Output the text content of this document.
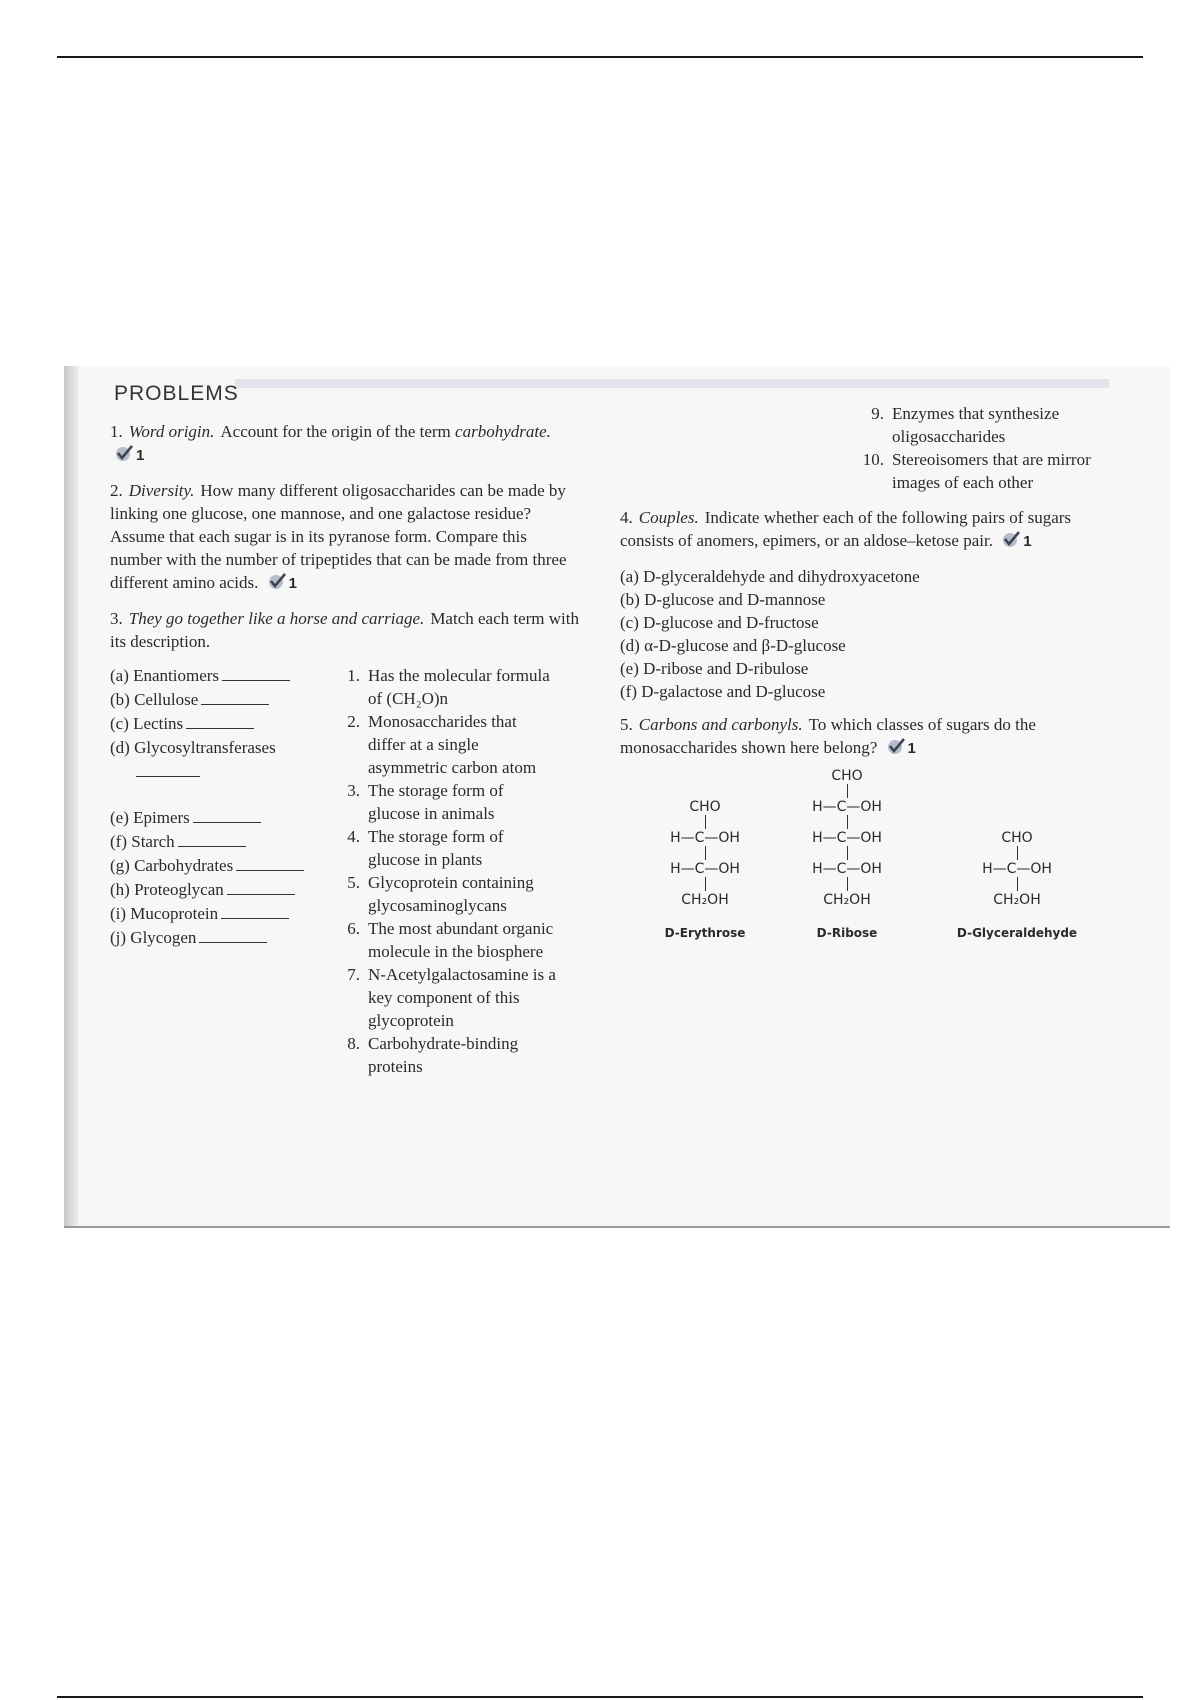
PROBLEMS
1. Word origin. Account for the origin of the term carbohydrate. 1
2. Diversity. How many different oligosaccharides can be made by linking one glucose, one mannose, and one galactose residue? Assume that each sugar is in its pyranose form. Compare this number with the number of tripeptides that can be made from three different amino acids. 1
3. They go together like a horse and carriage. Match each term with its description.
(a) Enantiomers
(b) Cellulose
(c) Lectins
(d) Glycosyltransferases
(e) Epimers
(f) Starch
(g) Carbohydrates
(h) Proteoglycan
(i) Mucoprotein
(j) Glycogen
1. Has the molecular formula of (CH₂O)n
2. Monosaccharides that differ at a single asymmetric carbon atom
3. The storage form of glucose in animals
4. The storage form of glucose in plants
5. Glycoprotein containing glycosaminoglycans
6. The most abundant organic molecule in the biosphere
7. N-Acetylgalactosamine is a key component of this glycoprotein
8. Carbohydrate-binding proteins
9. Enzymes that synthesize oligosaccharides
10. Stereoisomers that are mirror images of each other
4. Couples. Indicate whether each of the following pairs of sugars consists of anomers, epimers, or an aldose–ketose pair. 1
(a) D-glyceraldehyde and dihydroxyacetone
(b) D-glucose and D-mannose
(c) D-glucose and D-fructose
(d) α-D-glucose and β-D-glucose
(e) D-ribose and D-ribulose
(f) D-galactose and D-glucose
5. Carbons and carbonyls. To which classes of sugars do the monosaccharides shown here belong? 1
CHO
H—C—OH
H—C—OH
CH₂OH
D-Erythrose
CHO
H—C—OH
H—C—OH
H—C—OH
CH₂OH
D-Ribose
CHO
H—C—OH
CH₂OH
D-Glyceraldehyde
